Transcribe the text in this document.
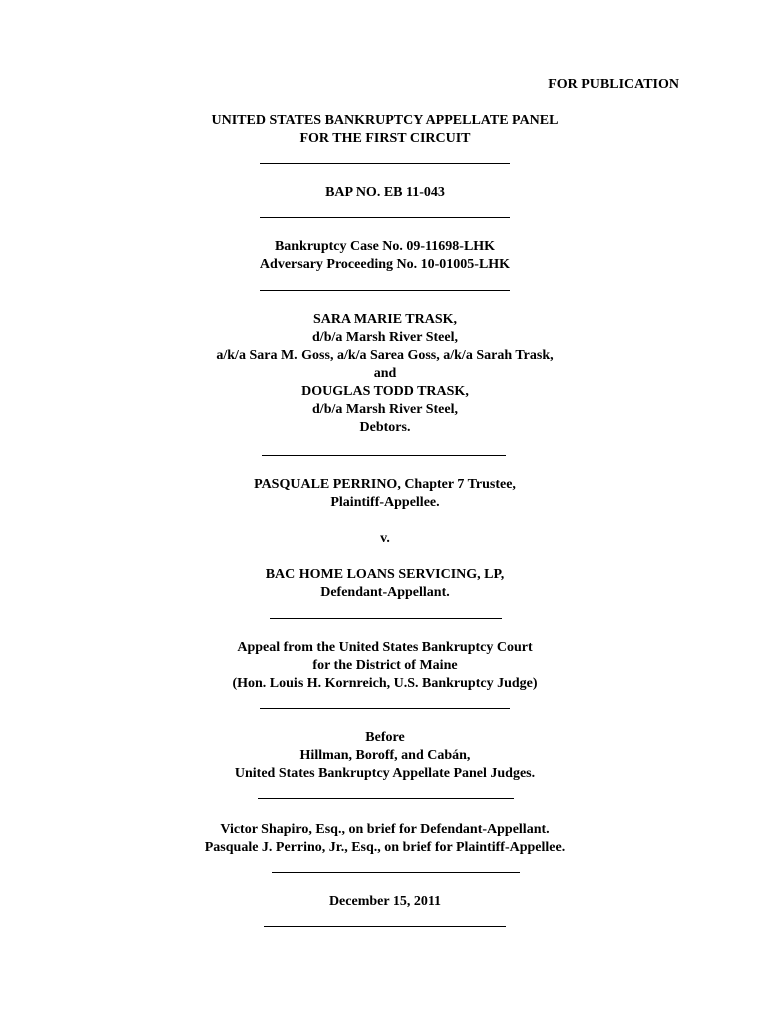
FOR PUBLICATION
UNITED STATES BANKRUPTCY APPELLATE PANEL
FOR THE FIRST CIRCUIT
BAP NO. EB 11-043
Bankruptcy Case No. 09-11698-LHK
Adversary Proceeding No. 10-01005-LHK
SARA MARIE TRASK,
d/b/a Marsh River Steel,
a/k/a Sara M. Goss, a/k/a Sarea Goss, a/k/a Sarah Trask,
and
DOUGLAS TODD TRASK,
d/b/a Marsh River Steel,
Debtors.
PASQUALE PERRINO, Chapter 7 Trustee,
Plaintiff-Appellee.
v.
BAC HOME LOANS SERVICING, LP,
Defendant-Appellant.
Appeal from the United States Bankruptcy Court
for the District of Maine
(Hon. Louis H. Kornreich, U.S. Bankruptcy Judge)
Before
Hillman, Boroff, and Cabán,
United States Bankruptcy Appellate Panel Judges.
Victor Shapiro, Esq., on brief for Defendant-Appellant.
Pasquale J. Perrino, Jr., Esq., on brief for Plaintiff-Appellee.
December 15, 2011
